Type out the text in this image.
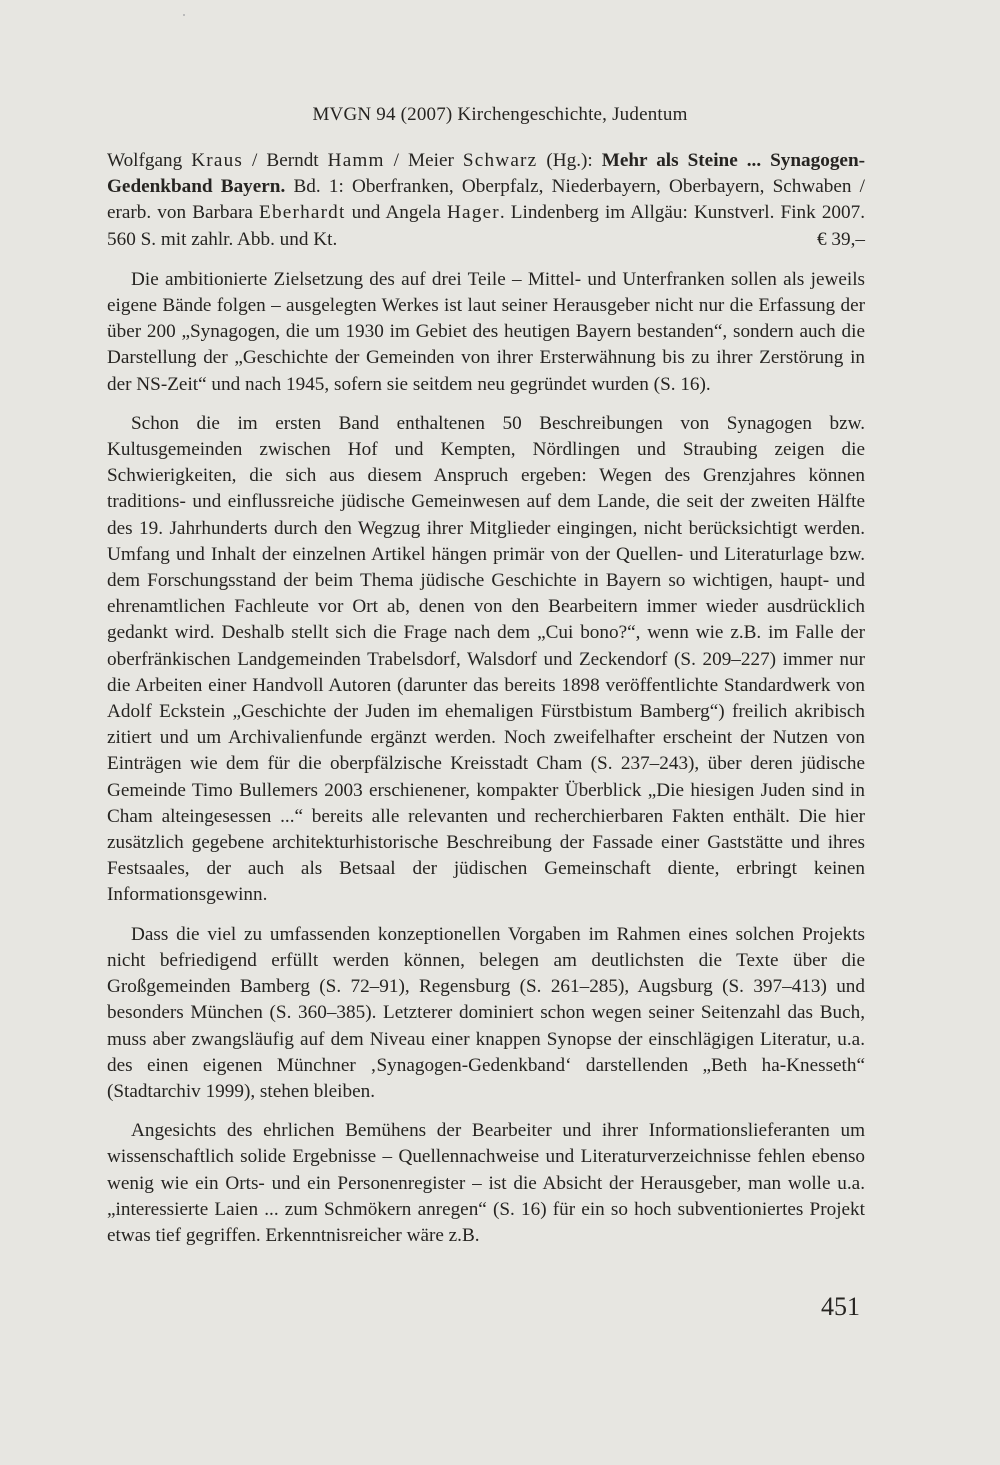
MVGN 94 (2007) Kirchengeschichte, Judentum
Wolfgang Kraus / Berndt Hamm / Meier Schwarz (Hg.): Mehr als Steine ... Synagogen-Gedenkband Bayern. Bd. 1: Oberfranken, Oberpfalz, Niederbayern, Oberbayern, Schwaben / erarb. von Barbara Eberhardt und Angela Hager. Lindenberg im Allgäu: Kunstverl. Fink 2007. 560 S. mit zahlr. Abb. und Kt.	€ 39,–

Die ambitionierte Zielsetzung des auf drei Teile – Mittel- und Unterfranken sollen als jeweils eigene Bände folgen – ausgelegten Werkes ist laut seiner Herausgeber nicht nur die Erfassung der über 200 „Synagogen, die um 1930 im Gebiet des heutigen Bayern bestanden“, sondern auch die Darstellung der „Geschichte der Gemeinden von ihrer Ersterwähnung bis zu ihrer Zerstörung in der NS-Zeit“ und nach 1945, sofern sie seitdem neu gegründet wurden (S. 16).

Schon die im ersten Band enthaltenen 50 Beschreibungen von Synagogen bzw. Kultusgemeinden zwischen Hof und Kempten, Nördlingen und Straubing zeigen die Schwierigkeiten, die sich aus diesem Anspruch ergeben: Wegen des Grenzjahres können traditions- und einflussreiche jüdische Gemeinwesen auf dem Lande, die seit der zweiten Hälfte des 19. Jahrhunderts durch den Wegzug ihrer Mitglieder eingingen, nicht berücksichtigt werden. Umfang und Inhalt der einzelnen Artikel hängen primär von der Quellen- und Literaturlage bzw. dem Forschungsstand der beim Thema jüdische Geschichte in Bayern so wichtigen, haupt- und ehrenamtlichen Fachleute vor Ort ab, denen von den Bearbeitern immer wieder ausdrücklich gedankt wird. Deshalb stellt sich die Frage nach dem „Cui bono?“, wenn wie z.B. im Falle der oberfränkischen Landgemeinden Trabelsdorf, Walsdorf und Zeckendorf (S. 209–227) immer nur die Arbeiten einer Handvoll Autoren (darunter das bereits 1898 veröffentlichte Standardwerk von Adolf Eckstein „Geschichte der Juden im ehemaligen Fürstbistum Bamberg“) freilich akribisch zitiert und um Archivalienfunde ergänzt werden. Noch zweifelhafter erscheint der Nutzen von Einträgen wie dem für die oberpfälzische Kreisstadt Cham (S. 237–243), über deren jüdische Gemeinde Timo Bullemers 2003 erschienener, kompakter Überblick „Die hiesigen Juden sind in Cham alteingesessen ...“ bereits alle relevanten und recherchierbaren Fakten enthält. Die hier zusätzlich gegebene architekturhistorische Beschreibung der Fassade einer Gaststätte und ihres Festsaales, der auch als Betsaal der jüdischen Gemeinschaft diente, erbringt keinen Informationsgewinn.

Dass die viel zu umfassenden konzeptionellen Vorgaben im Rahmen eines solchen Projekts nicht befriedigend erfüllt werden können, belegen am deutlichsten die Texte über die Großgemeinden Bamberg (S. 72–91), Regensburg (S. 261–285), Augsburg (S. 397–413) und besonders München (S. 360–385). Letzterer dominiert schon wegen seiner Seitenzahl das Buch, muss aber zwangsläufig auf dem Niveau einer knappen Synopse der einschlägigen Literatur, u.a. des einen eigenen Münchner ‚Synagogen-Gedenkband‘ darstellenden „Beth ha-Knesseth“ (Stadtarchiv 1999), stehen bleiben.

Angesichts des ehrlichen Bemühens der Bearbeiter und ihrer Informationslieferanten um wissenschaftlich solide Ergebnisse – Quellennachweise und Literaturverzeichnisse fehlen ebenso wenig wie ein Orts- und ein Personenregister – ist die Absicht der Herausgeber, man wolle u.a. „interessierte Laien ... zum Schmökern anregen“ (S. 16) für ein so hoch subventioniertes Projekt etwas tief gegriffen. Erkenntnisreicher wäre z.B.

451
